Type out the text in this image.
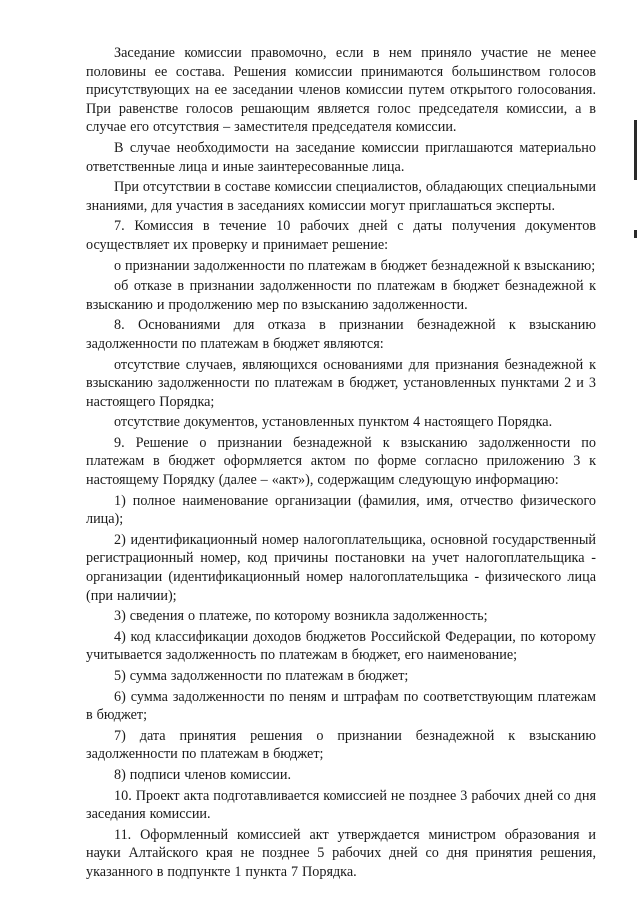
Заседание комиссии правомочно, если в нем приняло участие не менее половины ее состава. Решения комиссии принимаются большинством голосов присутствующих на ее заседании членов комиссии путем открытого голосования. При равенстве голосов решающим является голос председателя комиссии, а в случае его отсутствия – заместителя председателя комиссии.

В случае необходимости на заседание комиссии приглашаются материально ответственные лица и иные заинтересованные лица.

При отсутствии в составе комиссии специалистов, обладающих специальными знаниями, для участия в заседаниях комиссии могут приглашаться эксперты.

7. Комиссия в течение 10 рабочих дней с даты получения документов осуществляет их проверку и принимает решение:

о признании задолженности по платежам в бюджет безнадежной к взысканию;

об отказе в признании задолженности по платежам в бюджет безнадежной к взысканию и продолжению мер по взысканию задолженности.

8. Основаниями для отказа в признании безнадежной к взысканию задолженности по платежам в бюджет являются:

отсутствие случаев, являющихся основаниями для признания безнадежной к взысканию задолженности по платежам в бюджет, установленных пунктами 2 и 3 настоящего Порядка;

отсутствие документов, установленных пунктом 4 настоящего Порядка.

9. Решение о признании безнадежной к взысканию задолженности по платежам в бюджет оформляется актом по форме согласно приложению 3 к настоящему Порядку (далее – «акт»), содержащим следующую информацию:

1) полное наименование организации (фамилия, имя, отчество физического лица);

2) идентификационный номер налогоплательщика, основной государственный регистрационный номер, код причины постановки на учет налогоплательщика - организации (идентификационный номер налогоплательщика - физического лица (при наличии);

3) сведения о платеже, по которому возникла задолженность;

4) код классификации доходов бюджетов Российской Федерации, по которому учитывается задолженность по платежам в бюджет, его наименование;

5) сумма задолженности по платежам в бюджет;

6) сумма задолженности по пеням и штрафам по соответствующим платежам в бюджет;

7) дата принятия решения о признании безнадежной к взысканию задолженности по платежам в бюджет;

8) подписи членов комиссии.

10. Проект акта подготавливается комиссией не позднее 3 рабочих дней со дня заседания комиссии.

11. Оформленный комиссией акт утверждается министром образования и науки Алтайского края не позднее 5 рабочих дней со дня принятия решения, указанного в подпункте 1 пункта 7 Порядка.
